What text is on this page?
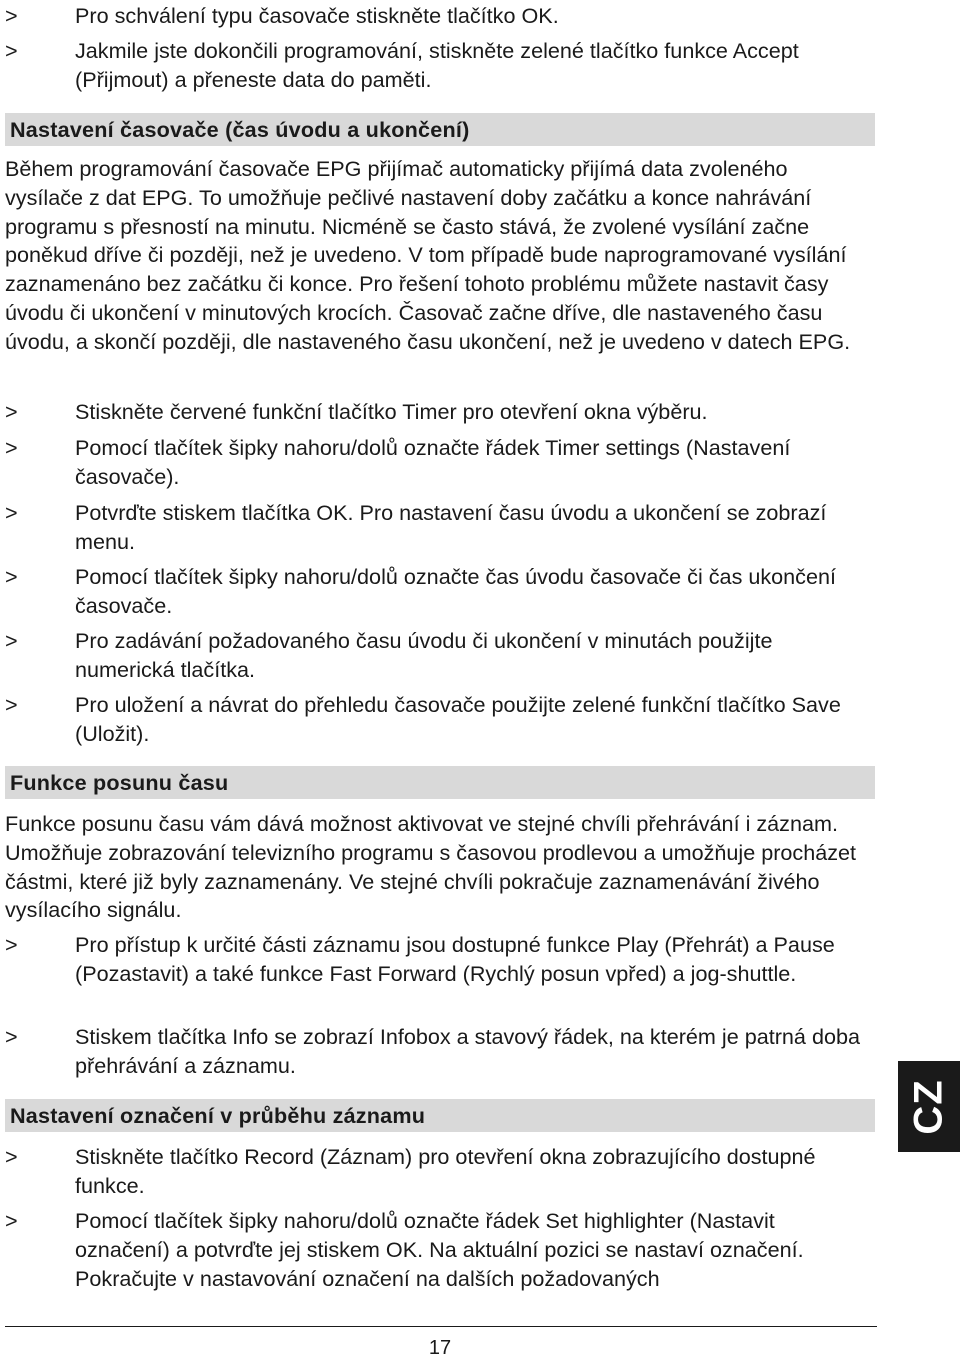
>	Pro schválení typu časovače stiskněte tlačítko OK.
>	Jakmile jste dokončili programování, stiskněte zelené tlačítko funkce Accept (Přijmout) a přeneste data do paměti.
Nastavení časovače (čas úvodu a ukončení)
Během programování časovače EPG přijímač automaticky přijímá data zvoleného vysílače z dat EPG. To umožňuje pečlivé nastavení doby začátku a konce nahrávání programu s přesností na minutu. Nicméně se často stává, že zvolené vysílání začne poněkud dříve či později, než je uvedeno. V tom případě bude naprogramované vysílání zaznamenáno bez začátku či konce. Pro řešení tohoto problému můžete nastavit časy úvodu či ukončení v minutových krocích. Časovač začne dříve, dle nastaveného času úvodu, a skončí později, dle nastaveného času ukončení, než je uvedeno v datech EPG.
>	Stiskněte červené funkční tlačítko Timer pro otevření okna výběru.
>	Pomocí tlačítek šipky nahoru/dolů označte řádek Timer settings (Nastavení časovače).
>	Potvrďte stiskem tlačítka OK. Pro nastavení času úvodu a ukončení se zobrazí menu.
>	Pomocí tlačítek šipky nahoru/dolů označte čas úvodu časovače či čas ukončení časovače.
>	Pro zadávání požadovaného času úvodu či ukončení v minutách použijte numerická tlačítka.
>	Pro uložení a návrat do přehledu časovače použijte zelené funkční tlačítko Save (Uložit).
Funkce posunu času
Funkce posunu času vám dává možnost aktivovat ve stejné chvíli přehrávání i záznam. Umožňuje zobrazování televizního programu s časovou prodlevou a umožňuje procházet částmi, které již byly zaznamenány. Ve stejné chvíli pokračuje zaznamenávání živého vysílacího signálu.
>	Pro přístup k určité části záznamu jsou dostupné funkce Play (Přehrát) a Pause (Pozastavit) a také funkce Fast Forward (Rychlý posun vpřed) a jog-shuttle.
>	Stiskem tlačítka Info se zobrazí Infobox a stavový řádek, na kterém je patrná doba přehrávání a záznamu.
Nastavení označení v průběhu záznamu
>	Stiskněte tlačítko Record (Záznam) pro otevření okna zobrazujícího dostupné funkce.
>	Pomocí tlačítek šipky nahoru/dolů označte řádek Set highlighter (Nastavit označení) a potvrďte jej stiskem OK. Na aktuální pozici se nastaví označení. Pokračujte v nastavování označení na dalších požadovaných
CZ
17
